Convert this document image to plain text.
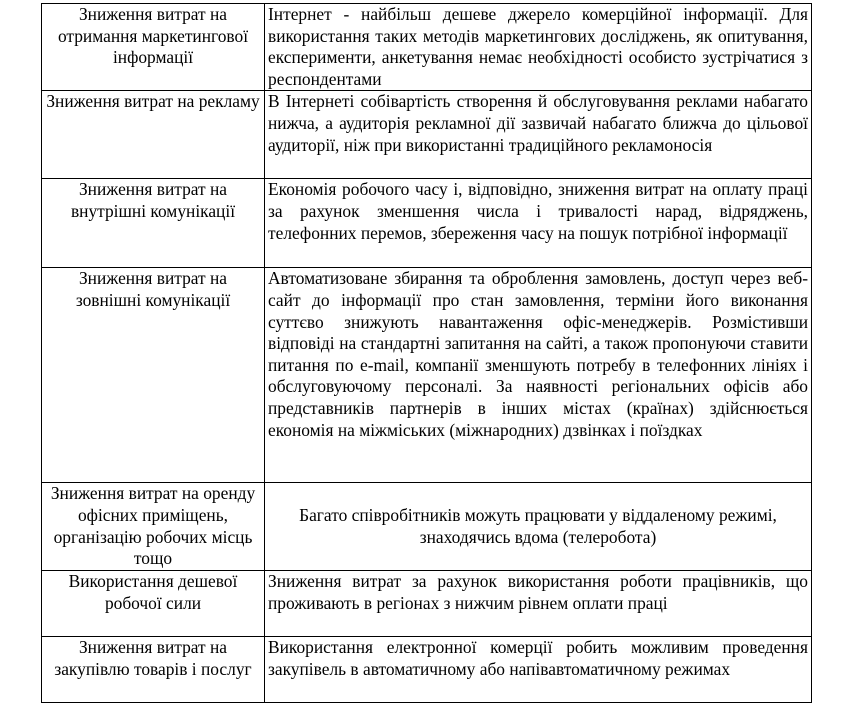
Зниження витрат на отримання маркетингової інформації	Інтернет - найбільш дешеве джерело комерційної інформації. Для використання таких методів маркетингових досліджень, як опитування, експерименти, анкетування немає необхідності особисто зустрічатися з респондентами

Зниження витрат на рекламу	В Інтернеті собівартість створення й обслуговування реклами набагато нижча, а аудиторія рекламної дії зазвичай набагато ближча до цільової аудиторії, ніж при використанні традиційного рекламоносія

Зниження витрат на внутрішні комунікації	Економія робочого часу і, відповідно, зниження витрат на оплату праці за рахунок зменшення числа і тривалості нарад, відряджень, телефонних перемов, збереження часу на пошук потрібної інформації

Зниження витрат на зовнішні комунікації	Автоматизоване збирання та оброблення замовлень, доступ через веб-сайт до інформації про стан замовлення, терміни його виконання суттєво знижують навантаження офіс-менеджерів. Розмістивши відповіді на стандартні запитання на сайті, а також пропонуючи ставити питання по e-mail, компанії зменшують потребу в телефонних лініях і обслуговуючому персоналі. За наявності регіональних офісів або представників партнерів в інших містах (країнах) здійснюється економія на міжміських (міжнародних) дзвінках і поїздках

Зниження витрат на оренду офісних приміщень, організацію робочих місць тощо	Багато співробітників можуть працювати у віддаленому режимі, знаходячись вдома (телеробота)

Використання дешевої робочої сили	Зниження витрат за рахунок використання роботи працівників, що проживають в регіонах з нижчим рівнем оплати праці

Зниження витрат на закупівлю товарів і послуг	Використання електронної комерції робить можливим проведення закупівель в автоматичному або напівавтоматичному режимах
